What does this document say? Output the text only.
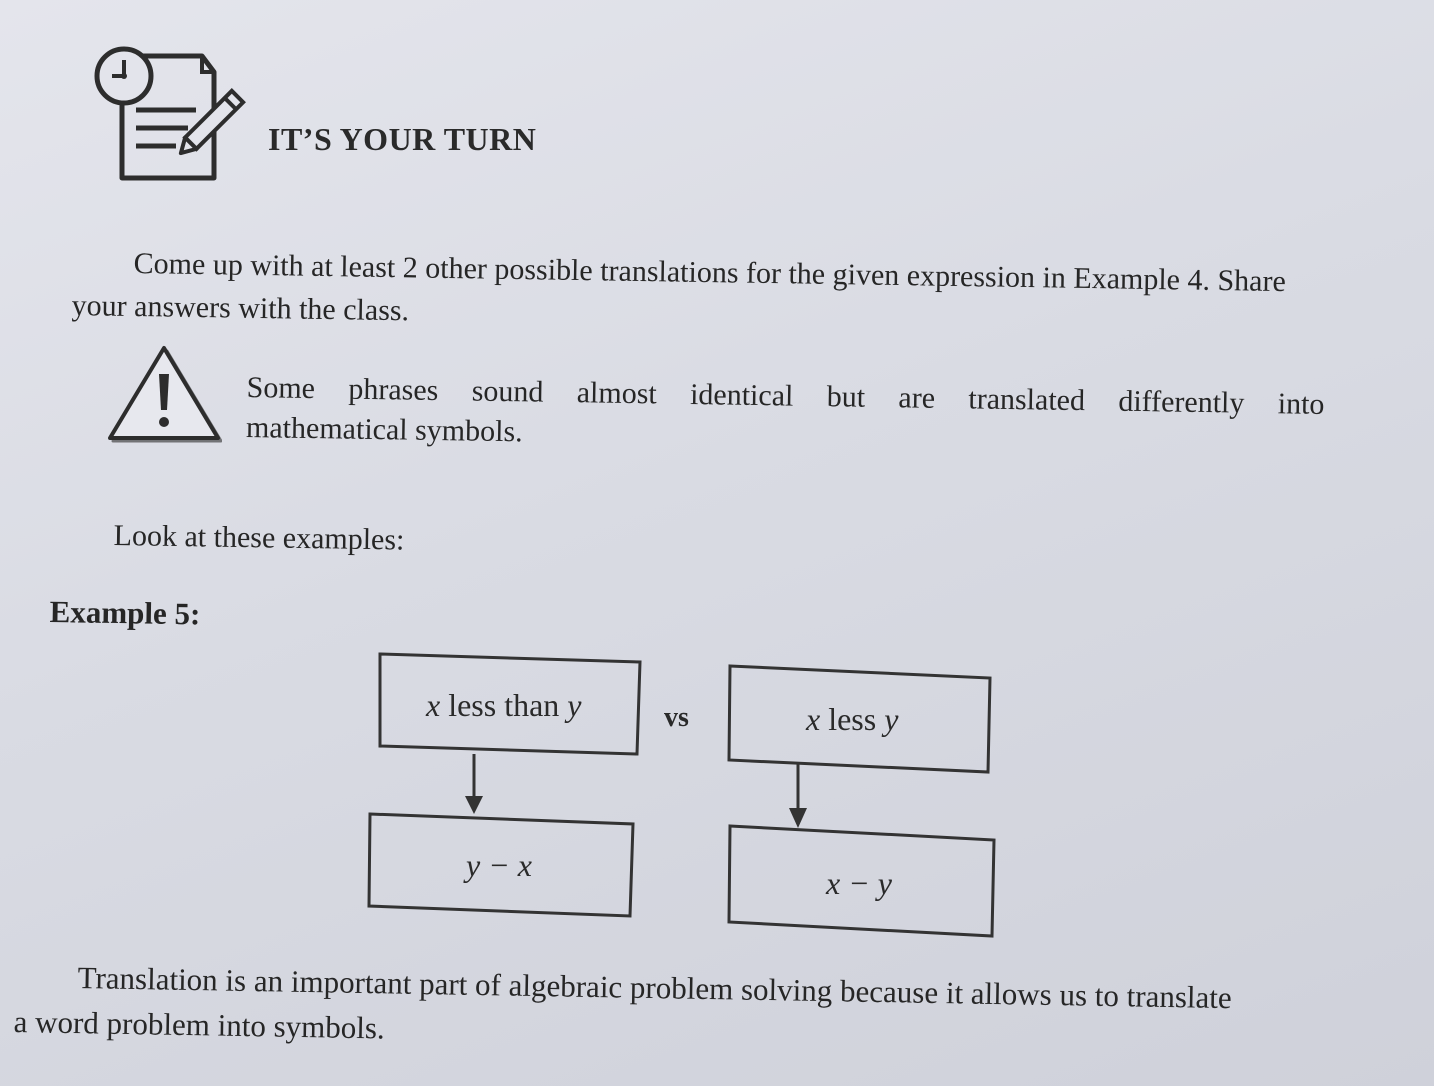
IT’S YOUR TURN
Come up with at least 2 other possible translations for the given expression in Example 4. Share
your answers with the class.
Some phrases sound almost identical but are translated differently into
mathematical symbols.
Look at these examples:
Example 5:
x less than y
y − x
vs	x less y
x − y
Translation is an important part of algebraic problem solving because it allows us to translate
a word problem into symbols.
